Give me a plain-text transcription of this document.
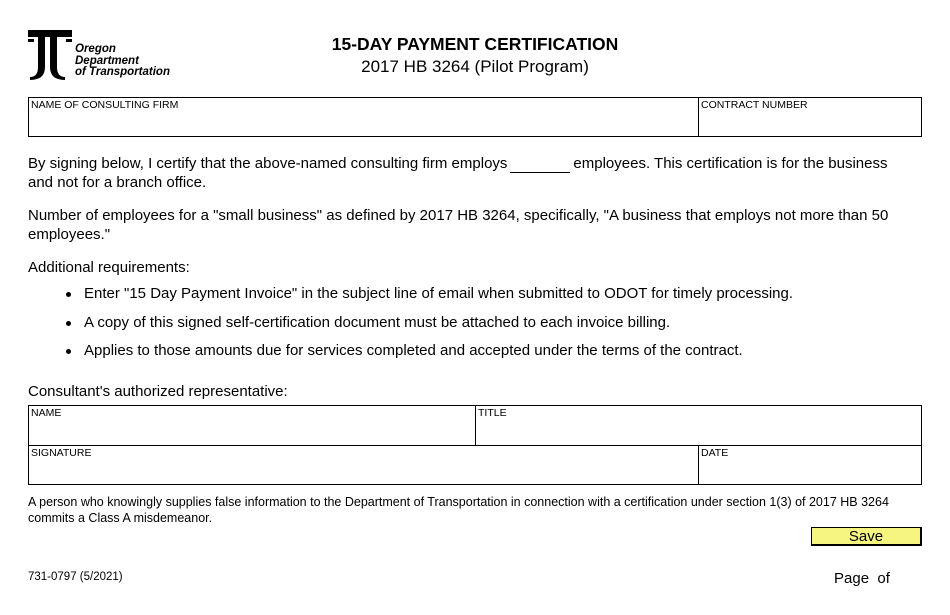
Oregon
Department
of Transportation
15-DAY PAYMENT CERTIFICATION
2017 HB 3264 (Pilot Program)
NAME OF CONSULTING FIRM	CONTRACT NUMBER
By signing below, I certify that the above-named consulting firm employs	employees. This certification is for the business
and not for a branch office.
Number of employees for a "small business" as defined by 2017 HB 3264, specifically, "A business that employs not more than 50 employees."
Additional requirements:
Enter "15 Day Payment Invoice" in the subject line of email when submitted to ODOT for timely processing.
A copy of this signed self-certification document must be attached to each invoice billing.
Applies to those amounts due for services completed and accepted under the terms of the contract.
Consultant's authorized representative:
NAME	TITLE
SIGNATURE	DATE
A person who knowingly supplies false information to the Department of Transportation in connection with a certification under section 1(3) of 2017 HB 3264 commits a Class A misdemeanor.
Save
731-0797 (5/2021)	Page  of
